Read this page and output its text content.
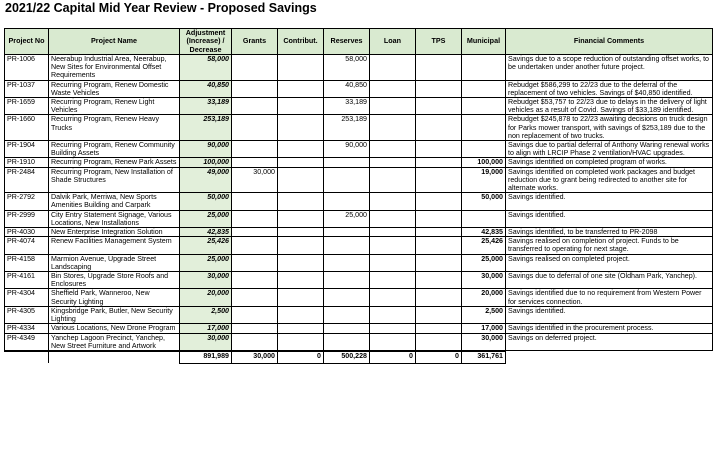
2021/22 Capital Mid Year Review - Proposed Savings
Project No	Project Name	Adjustment (Increase) / Decrease	Grants	Contribut.	Reserves	Loan	TPS	Municipal	Financial Comments
PR-1006	Neerabup Industrial Area, Neerabup, New Sites for Environmental Offset Requirements	58,000			58,000				Savings due to a scope reduction of outstanding offset works, to be undertaken under another future project.
PR-1037	Recurring Program, Renew Domestic Waste Vehicles	40,850			40,850				Rebudget $586,299 to 22/23 due to the deferral of the replacement of two vehicles. Savings of $40,850 identified.
PR-1659	Recurring Program, Renew Light Vehicles	33,189			33,189				Rebudget $53,757 to 22/23 due to delays in the delivery of light vehicles as a result of Covid. Savings of $33,189 identified.
PR-1660	Recurring Program, Renew Heavy Trucks	253,189			253,189				Rebudget $245,878 to 22/23 awaiting decisions on truck design for Parks mower transport, with savings of $253,189 due to the non replacement of two trucks.
PR-1904	Recurring Program, Renew Community Building Assets	90,000			90,000				Savings due to partial deferral of Anthony Waring renewal works to align with LRCIP Phase 2 ventilation/HVAC upgrades.
PR-1910	Recurring Program, Renew Park Assets	100,000						100,000	Savings identified on completed program of works.
PR-2484	Recurring Program, New Installation of Shade Structures	49,000	30,000					19,000	Savings identified on completed work packages and budget reduction due to grant being redirected to another site for alternate works.
PR-2792	Dalvik Park, Merriwa, New Sports Amenities Building and Carpark	50,000						50,000	Savings identified.
PR-2999	City Entry Statement Signage, Various Locations, New Installations	25,000			25,000				Savings identified.
PR-4030	New Enterprise Integration Solution	42,835						42,835	Savings identified, to be transferred to PR-2098
PR-4074	Renew Facilities Management System	25,426						25,426	Savings realised on completion of project. Funds to be transferred to operating for next stage.
PR-4158	Marmion Avenue, Upgrade Street Landscaping	25,000						25,000	Savings realised on completed project.
PR-4161	Bin Stores, Upgrade Store Roofs and Enclosures	30,000						30,000	Savings due to deferral of one site (Oldham Park, Yanchep).
PR-4304	Sheffield Park, Wanneroo, New Security Lighting	20,000						20,000	Savings identified due to no requirement from Western Power for services connection.
PR-4305	Kingsbridge Park, Butler, New Security Lighting	2,500						2,500	Savings identified.
PR-4334	Various Locations, New Drone Program	17,000						17,000	Savings identified in the procurement process.
PR-4349	Yanchep Lagoon Precinct, Yanchep, New Street Furniture and Artwork	30,000						30,000	Savings on deferred project.
		891,989	30,000	0	500,228	0	0	361,761	
